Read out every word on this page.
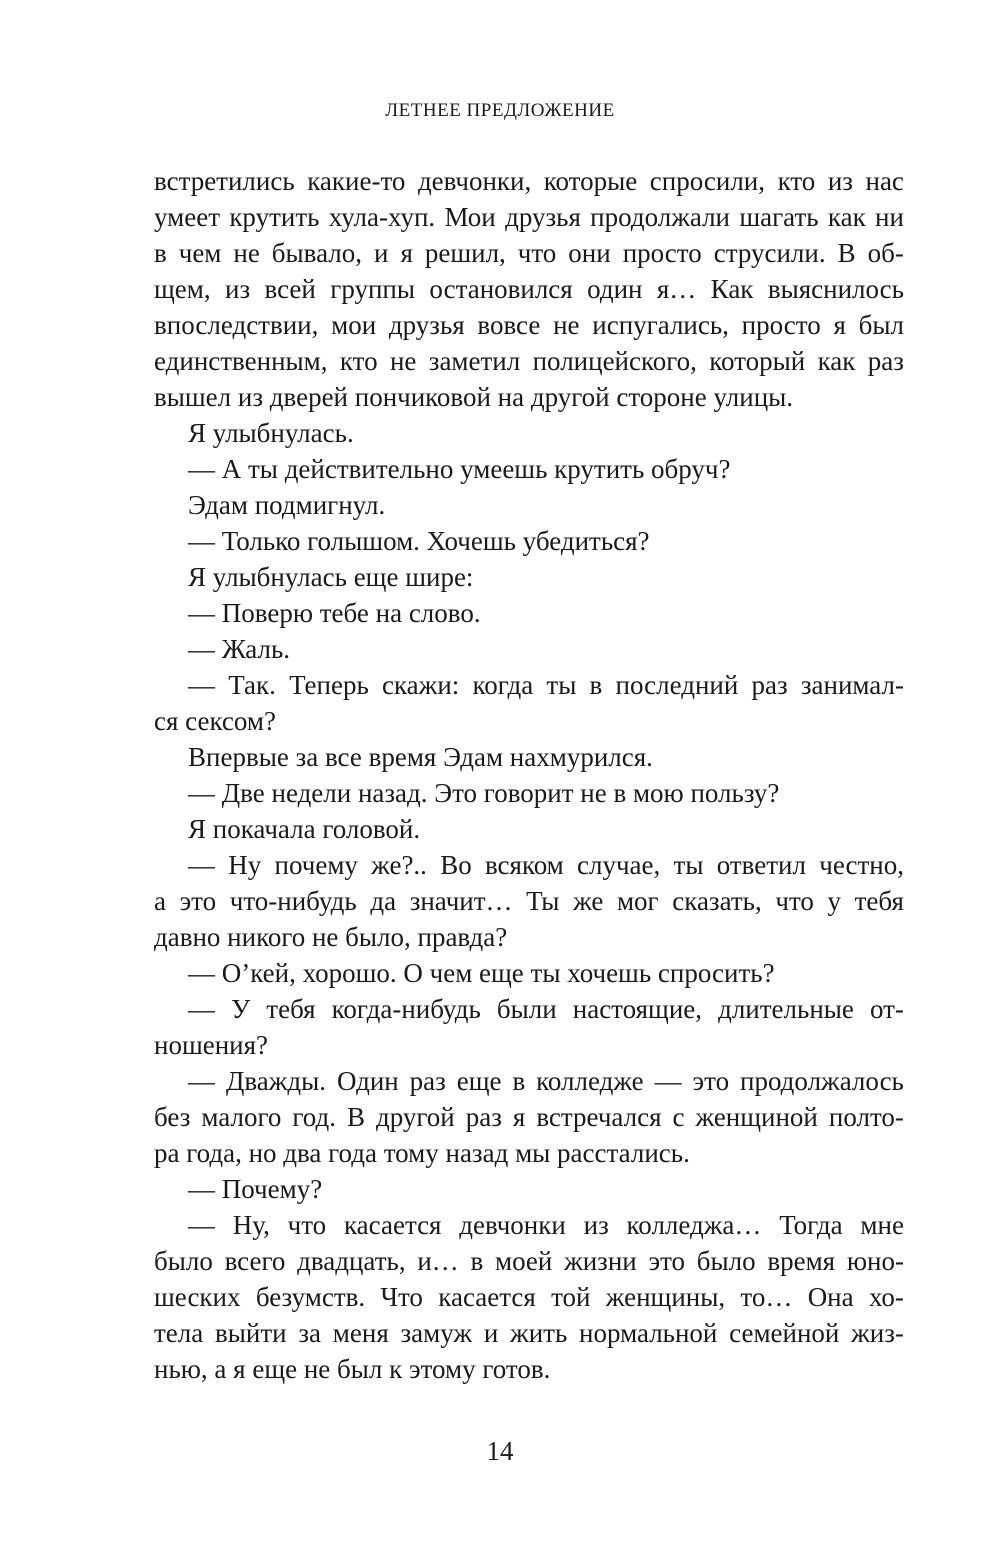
ЛЕТНЕЕ ПРЕДЛОЖЕНИЕ
встретились какие-то девчонки, которые спросили, кто из нас
умеет крутить хула-хуп. Мои друзья продолжали шагать как ни
в чем не бывало, и я решил, что они просто струсили. В об-
щем, из всей группы остановился один я… Как выяснилось
впоследствии, мои друзья вовсе не испугались, просто я был
единственным, кто не заметил полицейского, который как раз
вышел из дверей пончиковой на другой стороне улицы.
Я улыбнулась.
— А ты действительно умеешь крутить обруч?
Эдам подмигнул.
— Только голышом. Хочешь убедиться?
Я улыбнулась еще шире:
— Поверю тебе на слово.
— Жаль.
— Так. Теперь скажи: когда ты в последний раз занимал-
ся сексом?
Впервые за все время Эдам нахмурился.
— Две недели назад. Это говорит не в мою пользу?
Я покачала головой.
— Ну почему же?.. Во всяком случае, ты ответил честно,
а это что-нибудь да значит… Ты же мог сказать, что у тебя
давно никого не было, правда?
— О’кей, хорошо. О чем еще ты хочешь спросить?
— У тебя когда-нибудь были настоящие, длительные от-
ношения?
— Дважды. Один раз еще в колледже — это продолжалось
без малого год. В другой раз я встречался с женщиной полто-
ра года, но два года тому назад мы расстались.
— Почему?
— Ну, что касается девчонки из колледжа… Тогда мне
было всего двадцать, и… в моей жизни это было время юно-
шеских безумств. Что касается той женщины, то… Она хо-
тела выйти за меня замуж и жить нормальной семейной жиз-
нью, а я еще не был к этому готов.
14
